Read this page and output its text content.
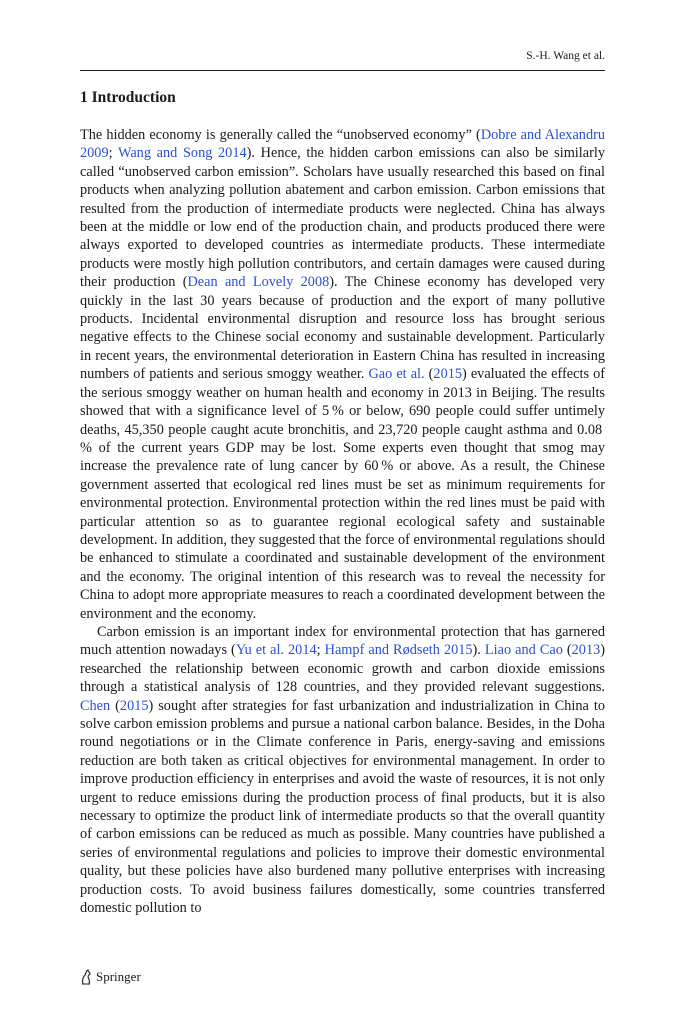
S.-H. Wang et al.
1 Introduction

The hidden economy is generally called the “unobserved economy” (Dobre and Alexandru 2009; Wang and Song 2014). Hence, the hidden carbon emissions can also be similarly called “unobserved carbon emission”. Scholars have usually researched this based on final products when analyzing pollution abatement and carbon emission. Carbon emissions that resulted from the production of intermediate products were neglected. China has always been at the middle or low end of the production chain, and products produced there were always exported to developed countries as intermediate products. These intermediate products were mostly high pollution contributors, and certain damages were caused during their production (Dean and Lovely 2008). The Chinese economy has developed very quickly in the last 30 years because of production and the export of many pollutive products. Incidental environmental disruption and resource loss has brought serious negative effects to the Chinese social economy and sustainable development. Particularly in recent years, the environmental deterioration in Eastern China has resulted in increasing numbers of patients and serious smoggy weather. Gao et al. (2015) evaluated the effects of the serious smoggy weather on human health and economy in 2013 in Beijing. The results showed that with a significance level of 5 % or below, 690 people could suffer untimely deaths, 45,350 people caught acute bronchitis, and 23,720 people caught asthma and 0.08 % of the current years GDP may be lost. Some experts even thought that smog may increase the prevalence rate of lung cancer by 60 % or above. As a result, the Chinese government asserted that ecological red lines must be set as minimum requirements for environmental protection. Environmental protection within the red lines must be paid with particular attention so as to guarantee regional ecological safety and sustainable development. In addition, they suggested that the force of environmental regulations should be enhanced to stimulate a coordinated and sustainable development of the environment and the economy. The original intention of this research was to reveal the necessity for China to adopt more appropriate measures to reach a coordinated development between the environment and the economy.

Carbon emission is an important index for environmental protection that has garnered much attention nowadays (Yu et al. 2014; Hampf and Rødseth 2015). Liao and Cao (2013) researched the relationship between economic growth and carbon dioxide emissions through a statistical analysis of 128 countries, and they provided relevant suggestions. Chen (2015) sought after strategies for fast urbanization and industrialization in China to solve carbon emission problems and pursue a national carbon balance. Besides, in the Doha round negotiations or in the Climate conference in Paris, energy-saving and emissions reduction are both taken as critical objectives for environmental management. In order to improve production efficiency in enterprises and avoid the waste of resources, it is not only urgent to reduce emissions during the production process of final products, but it is also necessary to optimize the product link of intermediate products so that the overall quantity of carbon emissions can be reduced as much as possible. Many countries have published a series of environmental regulations and policies to improve their domestic environmental quality, but these policies have also burdened many pollutive enterprises with increasing production costs. To avoid business failures domestically, some countries transferred domestic pollution to

Springer
